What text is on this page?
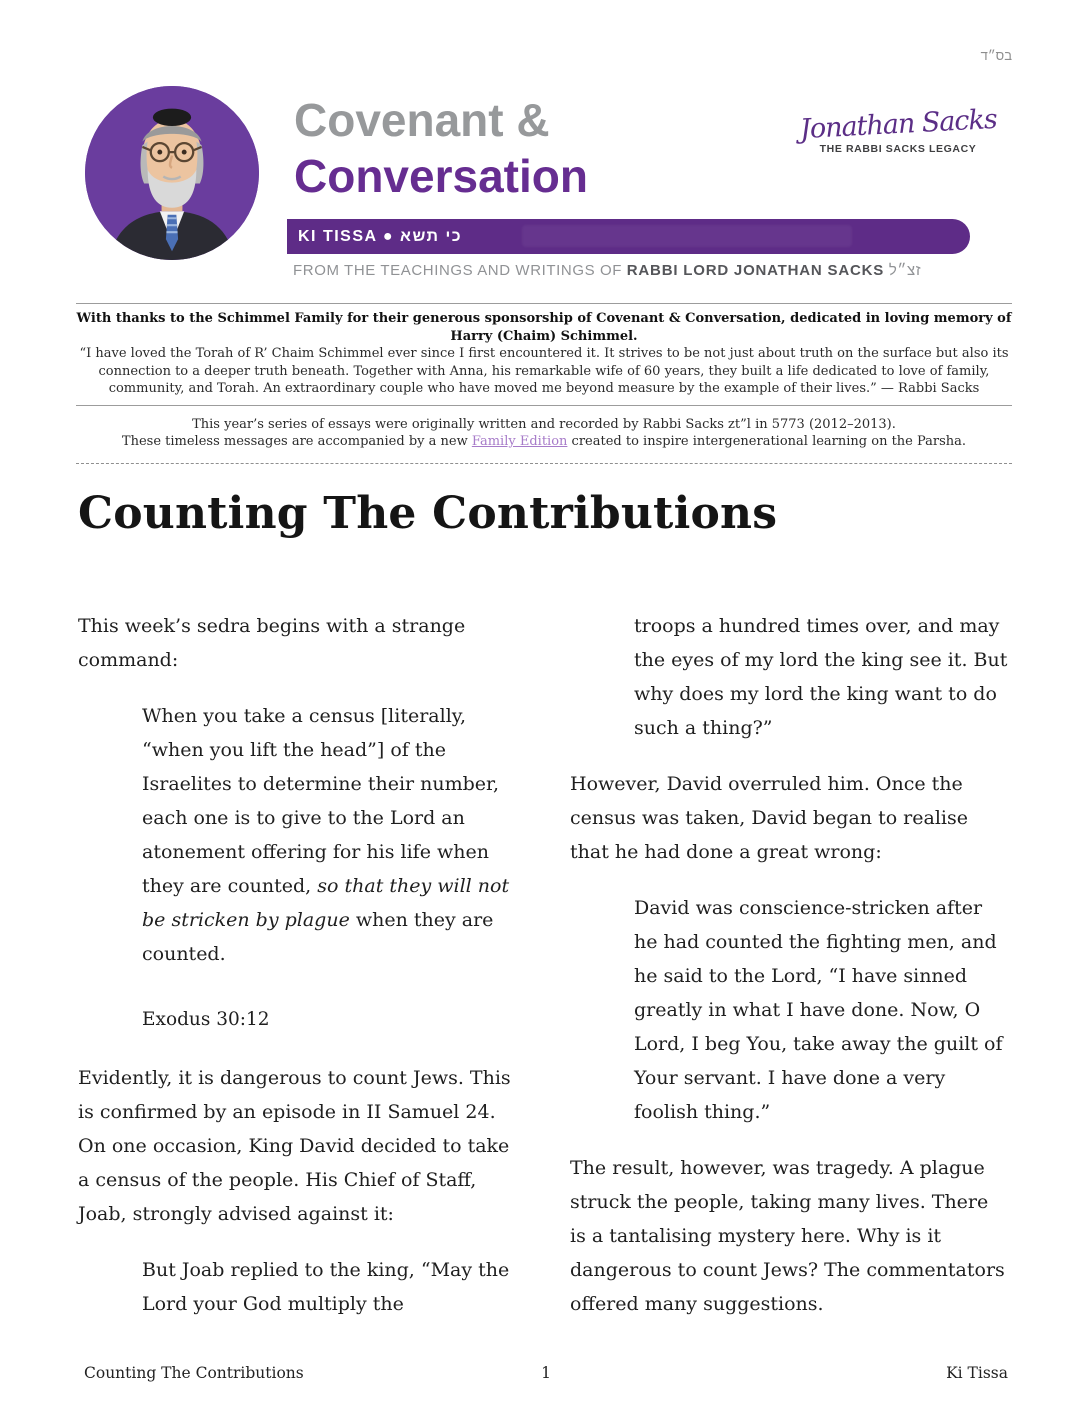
בס״ד
Covenant &
Conversation
KI TISSA ● כי תשא
FROM THE TEACHINGS AND WRITINGS OF RABBI LORD JONATHAN SACKS זצ״ל
Jonathan Sacks
THE RABBI SACKS LEGACY
With thanks to the Schimmel Family for their generous sponsorship of Covenant & Conversation, dedicated in loving memory of Harry (Chaim) Schimmel.
“I have loved the Torah of R’ Chaim Schimmel ever since I first encountered it. It strives to be not just about truth on the surface but also its connection to a deeper truth beneath. Together with Anna, his remarkable wife of 60 years, they built a life dedicated to love of family, community, and Torah. An extraordinary couple who have moved me beyond measure by the example of their lives.” — Rabbi Sacks
This year’s series of essays were originally written and recorded by Rabbi Sacks zt”l in 5773 (2012–2013).
These timeless messages are accompanied by a new Family Edition created to inspire intergenerational learning on the Parsha.
Counting The Contributions

This week’s sedra begins with a strange command:

When you take a census [literally, “when you lift the head”] of the Israelites to determine their number, each one is to give to the Lord an atonement offering for his life when they are counted, so that they will not be stricken by plague when they are counted.
Exodus 30:12

Evidently, it is dangerous to count Jews. This is confirmed by an episode in II Samuel 24. On one occasion, King David decided to take a census of the people. His Chief of Staff, Joab, strongly advised against it:

But Joab replied to the king, “May the Lord your God multiply the
troops a hundred times over, and may the eyes of my lord the king see it. But why does my lord the king want to do such a thing?”

However, David overruled him. Once the census was taken, David began to realise that he had done a great wrong:

David was conscience-stricken after he had counted the fighting men, and he said to the Lord, “I have sinned greatly in what I have done. Now, O Lord, I beg You, take away the guilt of Your servant. I have done a very foolish thing.”

The result, however, was tragedy. A plague struck the people, taking many lives. There is a tantalising mystery here. Why is it dangerous to count Jews? The commentators offered many suggestions.

Counting The Contributions	1	Ki Tissa
